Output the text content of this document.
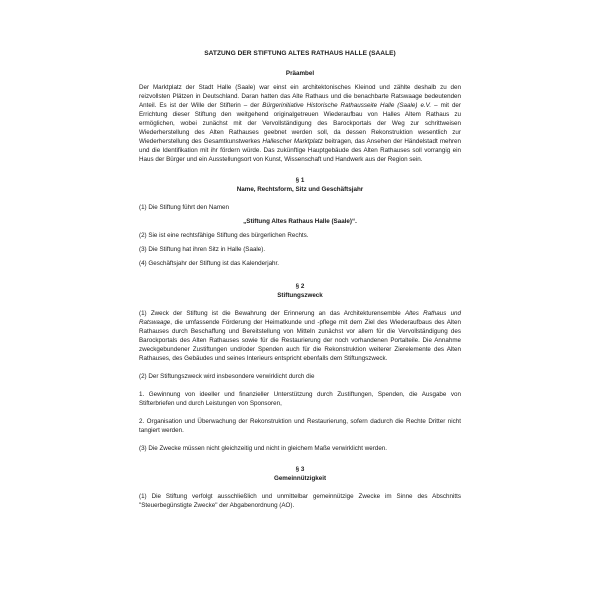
SATZUNG DER STIFTUNG ALTES RATHAUS HALLE (SAALE)
Präambel

Der Marktplatz der Stadt Halle (Saale) war einst ein architektonisches Kleinod und zählte deshalb zu den reizvollsten Plätzen in Deutschland. Daran hatten das Alte Rathaus und die benachbarte Ratswaage bedeutenden Anteil. Es ist der Wille der Stifterin – der Bürgerinitiative Historische Rathausseite Halle (Saale) e.V. – mit der Errichtung dieser Stiftung den weitgehend originalgetreuen Wiederaufbau von Halles Altem Rathaus zu ermöglichen, wobei zunächst mit der Vervollständigung des Barockportals der Weg zur schrittweisen Wiederherstellung des Alten Rathauses geebnet werden soll, da dessen Rekonstruktion wesentlich zur Wiederherstellung des Gesamtkunstwerkes Hallescher Marktplatz beitragen, das Ansehen der Händelstadt mehren und die Identifikation mit ihr fördern würde. Das zukünftige Hauptgebäude des Alten Rathauses soll vorrangig ein Haus der Bürger und ein Ausstellungsort von Kunst, Wissenschaft und Handwerk aus der Region sein.

§ 1
Name, Rechtsform, Sitz und Geschäftsjahr

(1) Die Stiftung führt den Namen

„Stiftung Altes Rathaus Halle (Saale)“.

(2) Sie ist eine rechtsfähige Stiftung des bürgerlichen Rechts.

(3) Die Stiftung hat ihren Sitz in Halle (Saale).

(4) Geschäftsjahr der Stiftung ist das Kalenderjahr.

§ 2
Stiftungszweck

(1) Zweck der Stiftung ist die Bewahrung der Erinnerung an das Architekturensemble Altes Rathaus und Ratswaage, die umfassende Förderung der Heimatkunde und -pflege mit dem Ziel des Wiederaufbaus des Alten Rathauses durch Beschaffung und Bereitstellung von Mitteln zunächst vor allem für die Vervollständigung des Barockportals des Alten Rathauses sowie für die Restaurierung der noch vorhandenen Portalteile. Die Annahme zweckgebundener Zustiftungen und/oder Spenden auch für die Rekonstruktion weiterer Zierelemente des Alten Rathauses, des Gebäudes und seines Interieurs entspricht ebenfalls dem Stiftungszweck.

(2) Der Stiftungszweck wird insbesondere verwirklicht durch die

1. Gewinnung von ideeller und finanzieller Unterstützung durch Zustiftungen, Spenden, die Ausgabe von Stifterbriefen und durch Leistungen von Sponsoren,

2. Organisation und Überwachung der Rekonstruktion und Restaurierung, sofern dadurch die Rechte Dritter nicht tangiert werden.

(3) Die Zwecke müssen nicht gleichzeitig und nicht in gleichem Maße verwirklicht werden.

§ 3
Gemeinnützigkeit

(1) Die Stiftung verfolgt ausschließlich und unmittelbar gemeinnützige Zwecke im Sinne des Abschnitts "Steuerbegünstigte Zwecke" der Abgabenordnung (AO).
